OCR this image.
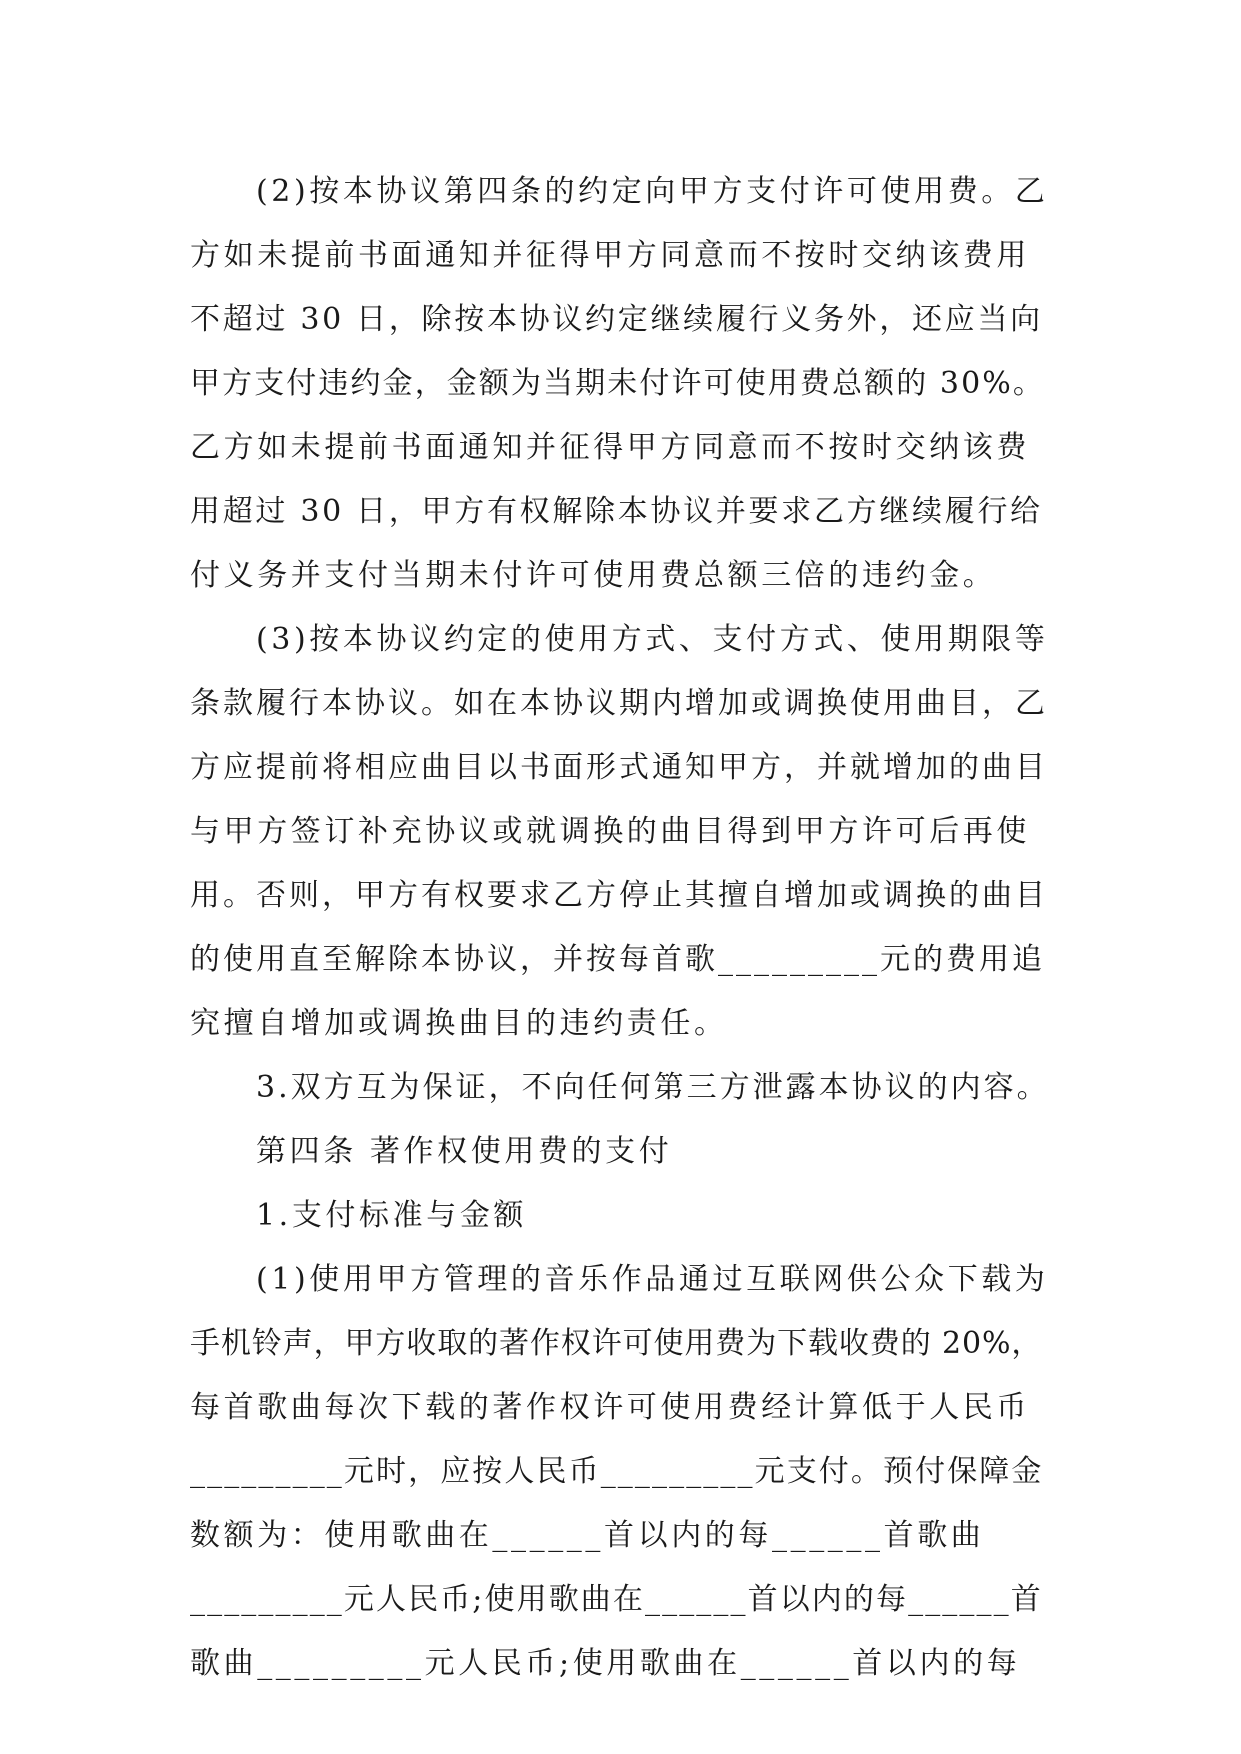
(2)按本协议第四条的约定向甲方支付许可使用费。乙
方如未提前书面通知并征得甲方同意而不按时交纳该费用
不超过 30 日，除按本协议约定继续履行义务外，还应当向
甲方支付违约金，金额为当期未付许可使用费总额的 30%。
乙方如未提前书面通知并征得甲方同意而不按时交纳该费
用超过 30 日，甲方有权解除本协议并要求乙方继续履行给
付义务并支付当期未付许可使用费总额三倍的违约金。
(3)按本协议约定的使用方式、支付方式、使用期限等
条款履行本协议。如在本协议期内增加或调换使用曲目，乙
方应提前将相应曲目以书面形式通知甲方，并就增加的曲目
与甲方签订补充协议或就调换的曲目得到甲方许可后再使
用。否则，甲方有权要求乙方停止其擅自增加或调换的曲目
的使用直至解除本协议，并按每首歌_________元的费用追
究擅自增加或调换曲目的违约责任。
3.双方互为保证，不向任何第三方泄露本协议的内容。
第四条 著作权使用费的支付
1.支付标准与金额
(1)使用甲方管理的音乐作品通过互联网供公众下载为
手机铃声，甲方收取的著作权许可使用费为下载收费的 20%，
每首歌曲每次下载的著作权许可使用费经计算低于人民币
_________元时，应按人民币_________元支付。预付保障金
数额为：使用歌曲在______首以内的每______首歌曲
_________元人民币;使用歌曲在______首以内的每______首
歌曲_________元人民币;使用歌曲在______首以内的每
